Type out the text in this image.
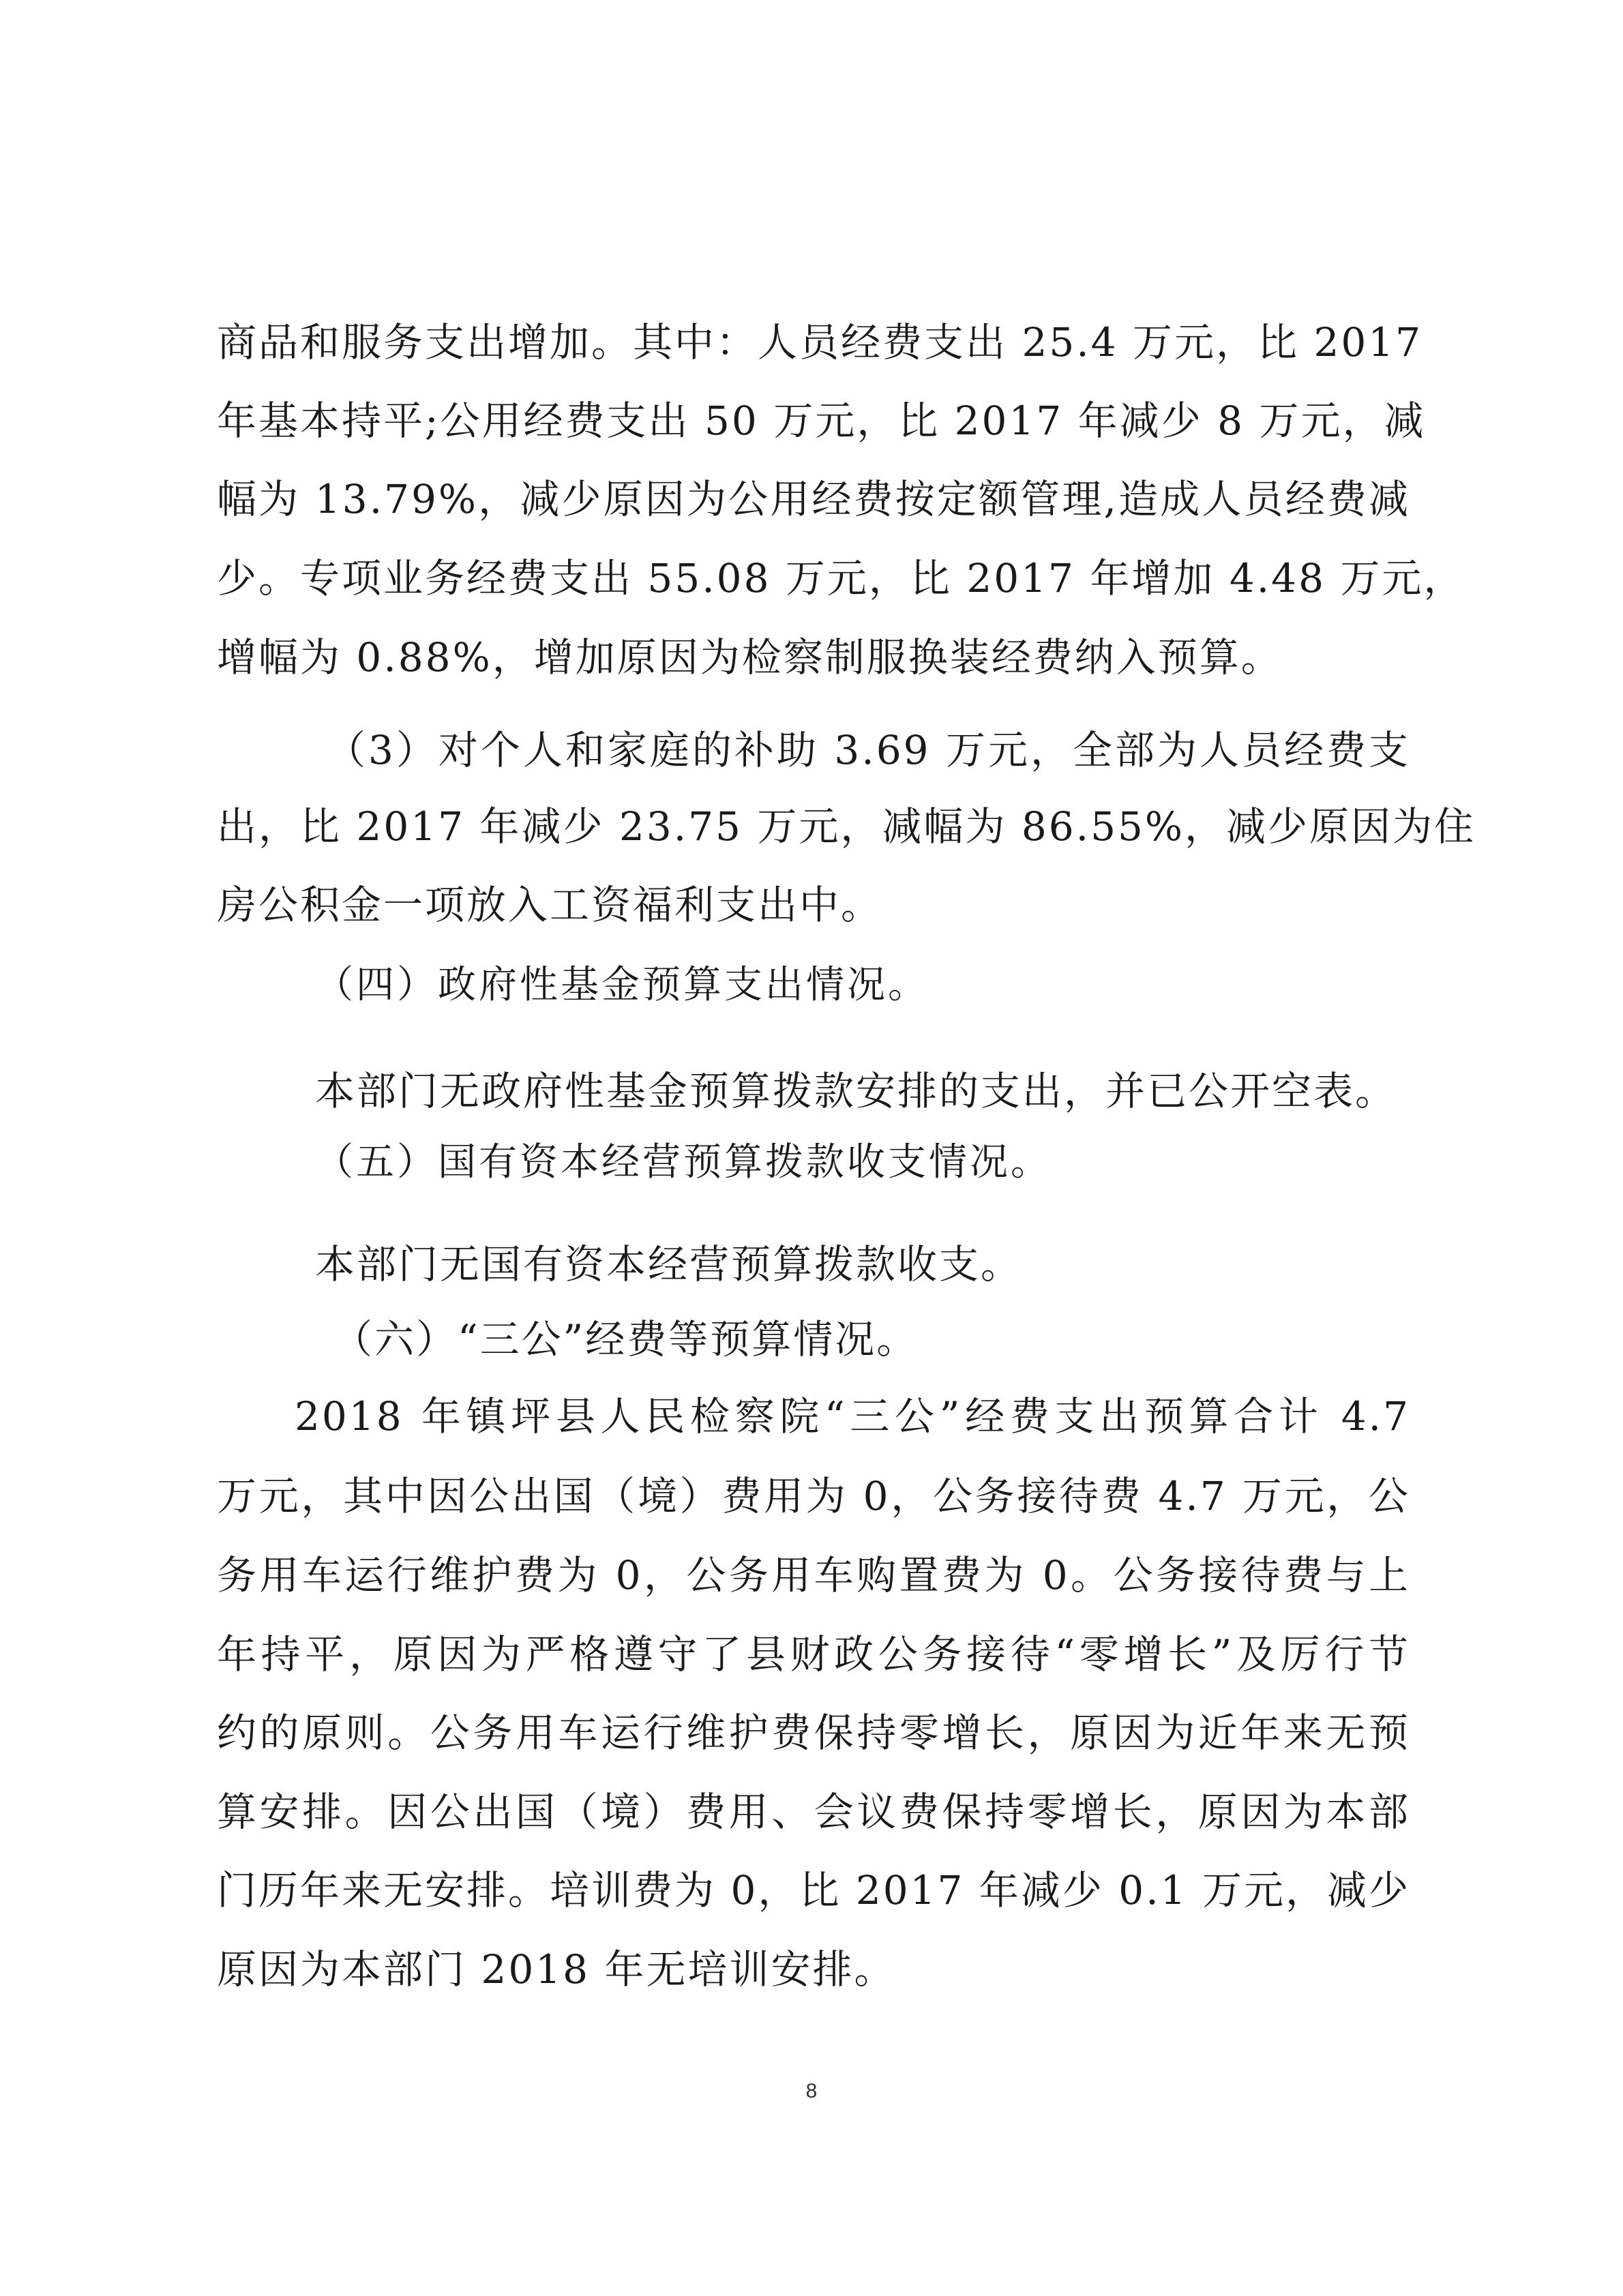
商品和服务支出增加。其中：人员经费支出 25.4 万元，比 2017

年基本持平;公用经费支出 50 万元，比 2017 年减少 8 万元，减

幅为 13.79%，减少原因为公用经费按定额管理,造成人员经费减

少。专项业务经费支出 55.08 万元，比 2017 年增加 4.48 万元，

增幅为 0.88%，增加原因为检察制服换装经费纳入预算。

（3）对个人和家庭的补助 3.69 万元，全部为人员经费支

出，比 2017 年减少 23.75 万元，减幅为 86.55%，减少原因为住

房公积金一项放入工资福利支出中。

（四）政府性基金预算支出情况。

本部门无政府性基金预算拨款安排的支出，并已公开空表。

（五）国有资本经营预算拨款收支情况。

本部门无国有资本经营预算拨款收支。

（六）“三公”经费等预算情况。

2018 年镇坪县人民检察院“三公”经费支出预算合计 4.7

万元，其中因公出国（境）费用为 0，公务接待费 4.7 万元，公

务用车运行维护费为 0，公务用车购置费为 0。公务接待费与上

年持平，原因为严格遵守了县财政公务接待“零增长”及厉行节

约的原则。公务用车运行维护费保持零增长，原因为近年来无预

算安排。因公出国（境）费用、会议费保持零增长，原因为本部

门历年来无安排。培训费为 0，比 2017 年减少 0.1 万元，减少

原因为本部门 2018 年无培训安排。

8
